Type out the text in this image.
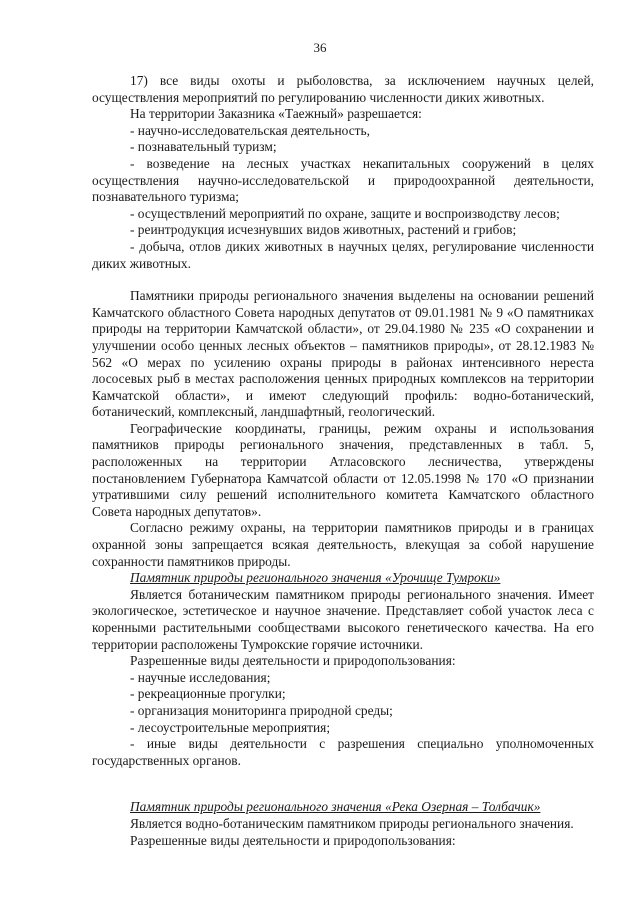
36

17) все виды охоты и рыболовства, за исключением научных целей, осуществления мероприятий по регулированию численности диких животных.

На территории Заказника «Таежный» разрешается:

- научно-исследовательская деятельность,

- познавательный туризм;

- возведение на лесных участках некапитальных сооружений в целях осуществления научно-исследовательской и природоохранной деятельности, познавательного туризма;

- осуществлений мероприятий по охране, защите и воспроизводству лесов;

- реинтродукция исчезнувших видов животных, растений и грибов;

- добыча, отлов диких животных в научных целях, регулирование численности диких животных.

Памятники природы регионального значения выделены на основании решений Камчатского областного Совета народных депутатов от 09.01.1981 № 9 «О памятниках природы на территории Камчатской области», от 29.04.1980 № 235 «О сохранении и улучшении особо ценных лесных объектов – памятников природы», от 28.12.1983 № 562 «О мерах по усилению охраны природы в районах интенсивного нереста лососевых рыб в местах расположения ценных природных комплексов на территории Камчатской области», и имеют следующий профиль: водно-ботанический, ботанический, комплексный, ландшафтный, геологический.

Географические координаты, границы, режим охраны и использования памятников природы регионального значения, представленных в табл. 5, расположенных на территории Атласовского лесничества, утверждены постановлением Губернатора Камчатсой области от 12.05.1998 № 170 «О признании утратившими силу решений исполнительного комитета Камчатского областного Совета народных депутатов».

Согласно режиму охраны, на территории памятников природы и в границах охранной зоны запрещается всякая деятельность, влекущая за собой нарушение сохранности памятников природы.

Памятник природы регионального значения «Урочище Тумроки»

Является ботаническим памятником природы регионального значения. Имеет экологическое, эстетическое и научное значение. Представляет собой участок леса с коренными растительными сообществами высокого генетического качества. На его территории расположены Тумрокские горячие источники.

Разрешенные виды деятельности и природопользования:

- научные исследования;

- рекреационные прогулки;

- организация мониторинга природной среды;

- лесоустроительные мероприятия;

- иные виды деятельности с разрешения специально уполномоченных государственных органов.

Памятник природы регионального значения «Река Озерная – Толбачик»

Является водно-ботаническим памятником природы регионального значения.

Разрешенные виды деятельности и природопользования:
